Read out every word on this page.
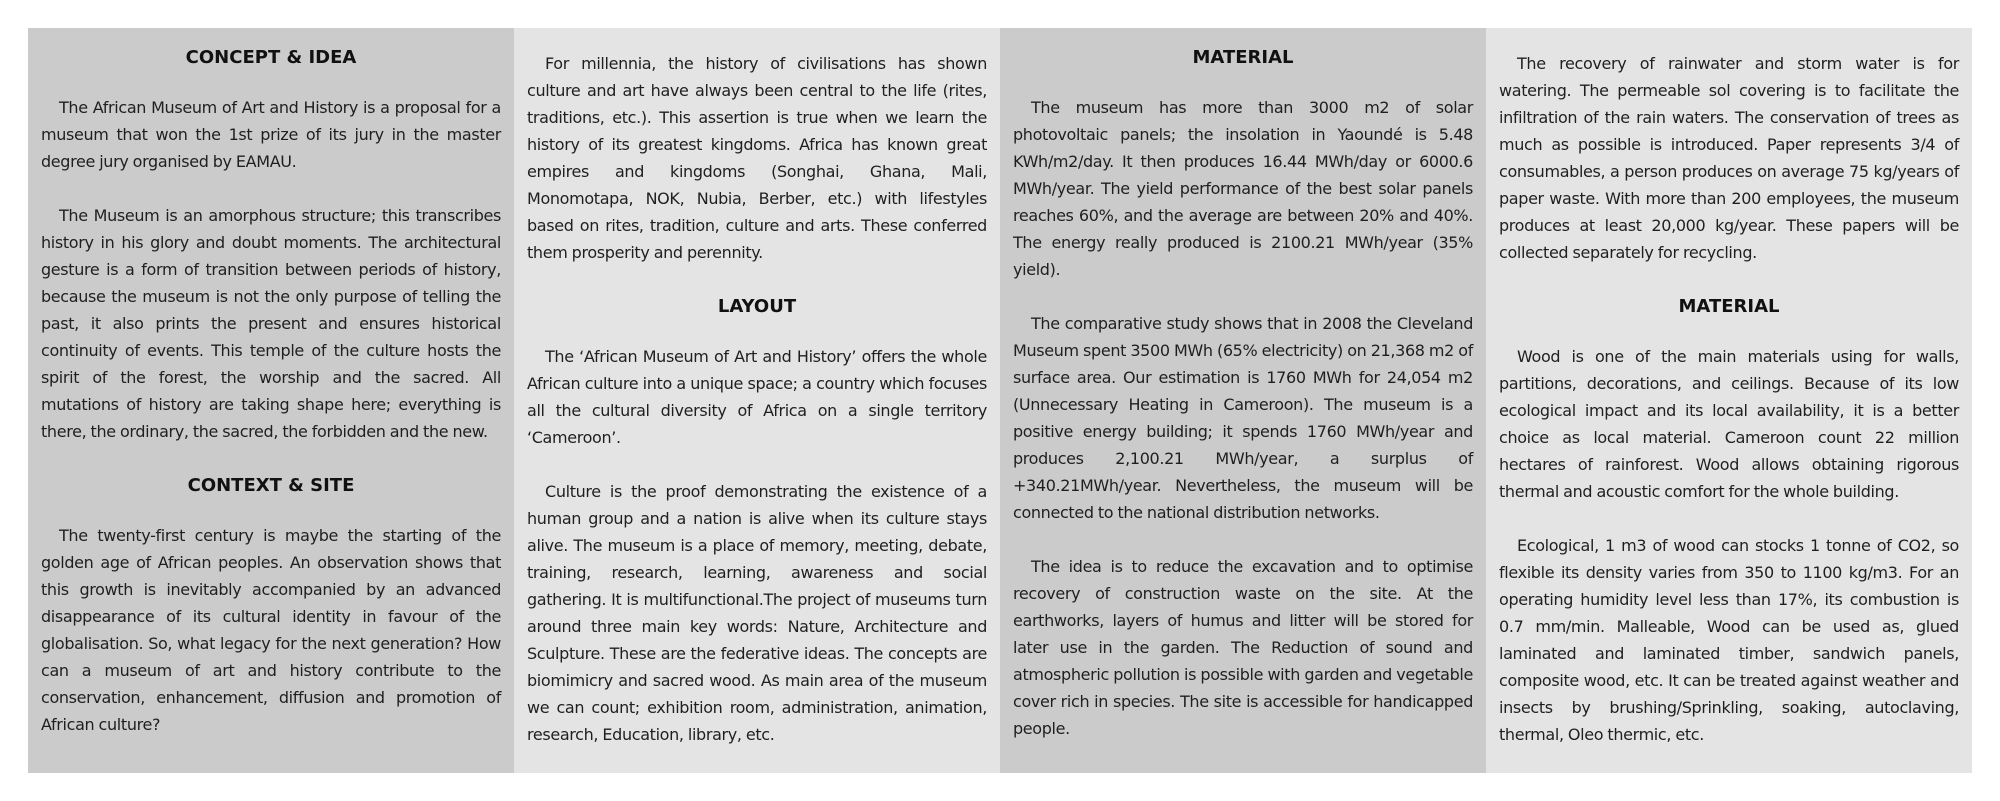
CONCEPT & IDEA

The African Museum of Art and History is a proposal for a museum that won the 1st prize of its jury in the master degree jury organised by EAMAU.

The Museum is an amorphous structure; this transcribes history in his glory and doubt moments. The architectural gesture is a form of transition between periods of history, because the museum is not the only purpose of telling the past, it also prints the present and ensures historical continuity of events. This temple of the culture hosts the spirit of the forest, the worship and the sacred. All mutations of history are taking shape here; everything is there, the ordinary, the sacred, the forbidden and the new.

CONTEXT & SITE

The twenty-first century is maybe the starting of the golden age of African peoples. An observation shows that this growth is inevitably accompanied by an advanced disappearance of its cultural identity in favour of the globalisation. So, what legacy for the next generation? How can a museum of art and history contribute to the conservation, enhancement, diffusion and promotion of African culture?

For millennia, the history of civilisations has shown culture and art have always been central to the life (rites, traditions, etc.). This assertion is true when we learn the history of its greatest kingdoms. Africa has known great empires and kingdoms (Songhai, Ghana, Mali, Monomotapa, NOK, Nubia, Berber, etc.) with lifestyles based on rites, tradition, culture and arts. These conferred them prosperity and perennity.

LAYOUT

The ‘African Museum of Art and History’ offers the whole African culture into a unique space; a country which focuses all the cultural diversity of Africa on a single territory ‘Cameroon’.

Culture is the proof demonstrating the existence of a human group and a nation is alive when its culture stays alive. The museum is a place of memory, meeting, debate, training, research, learning, awareness and social gathering. It is multifunctional.The project of museums turn around three main key words: Nature, Architecture and Sculpture. These are the federative ideas. The concepts are biomimicry and sacred wood. As main area of the museum we can count; exhibition room, administration, animation, research, Education, library, etc.

MATERIAL

The museum has more than 3000 m2 of solar photovoltaic panels; the insolation in Yaoundé is 5.48 KWh/m2/day. It then produces 16.44 MWh/day or 6000.6 MWh/year. The yield performance of the best solar panels reaches 60%, and the average are between 20% and 40%. The energy really produced is 2100.21 MWh/year (35% yield).

The comparative study shows that in 2008 the Cleveland Museum spent 3500 MWh (65% electricity) on 21,368 m2 of surface area. Our estimation is 1760 MWh for 24,054 m2 (Unnecessary Heating in Cameroon). The museum is a positive energy building; it spends 1760 MWh/year and produces 2,100.21 MWh/year, a surplus of +340.21MWh/year. Nevertheless, the museum will be connected to the national distribution networks.

The idea is to reduce the excavation and to optimise recovery of construction waste on the site. At the earthworks, layers of humus and litter will be stored for later use in the garden. The Reduction of sound and atmospheric pollution is possible with garden and vegetable cover rich in species. The site is accessible for handicapped people.

The recovery of rainwater and storm water is for watering. The permeable sol covering is to facilitate the infiltration of the rain waters. The conservation of trees as much as possible is introduced. Paper represents 3/4 of consumables, a person produces on average 75 kg/years of paper waste. With more than 200 employees, the museum produces at least 20,000 kg/year. These papers will be collected separately for recycling.

MATERIAL

Wood is one of the main materials using for walls, partitions, decorations, and ceilings. Because of its low ecological impact and its local availability, it is a better choice as local material. Cameroon count 22 million hectares of rainforest. Wood allows obtaining rigorous thermal and acoustic comfort for the whole building.

Ecological, 1 m3 of wood can stocks 1 tonne of CO2, so flexible its density varies from 350 to 1100 kg/m3. For an operating humidity level less than 17%, its combustion is 0.7 mm/min. Malleable, Wood can be used as, glued laminated and laminated timber, sandwich panels, composite wood, etc. It can be treated against weather and insects by brushing/Sprinkling, soaking, autoclaving, thermal, Oleo thermic, etc.
